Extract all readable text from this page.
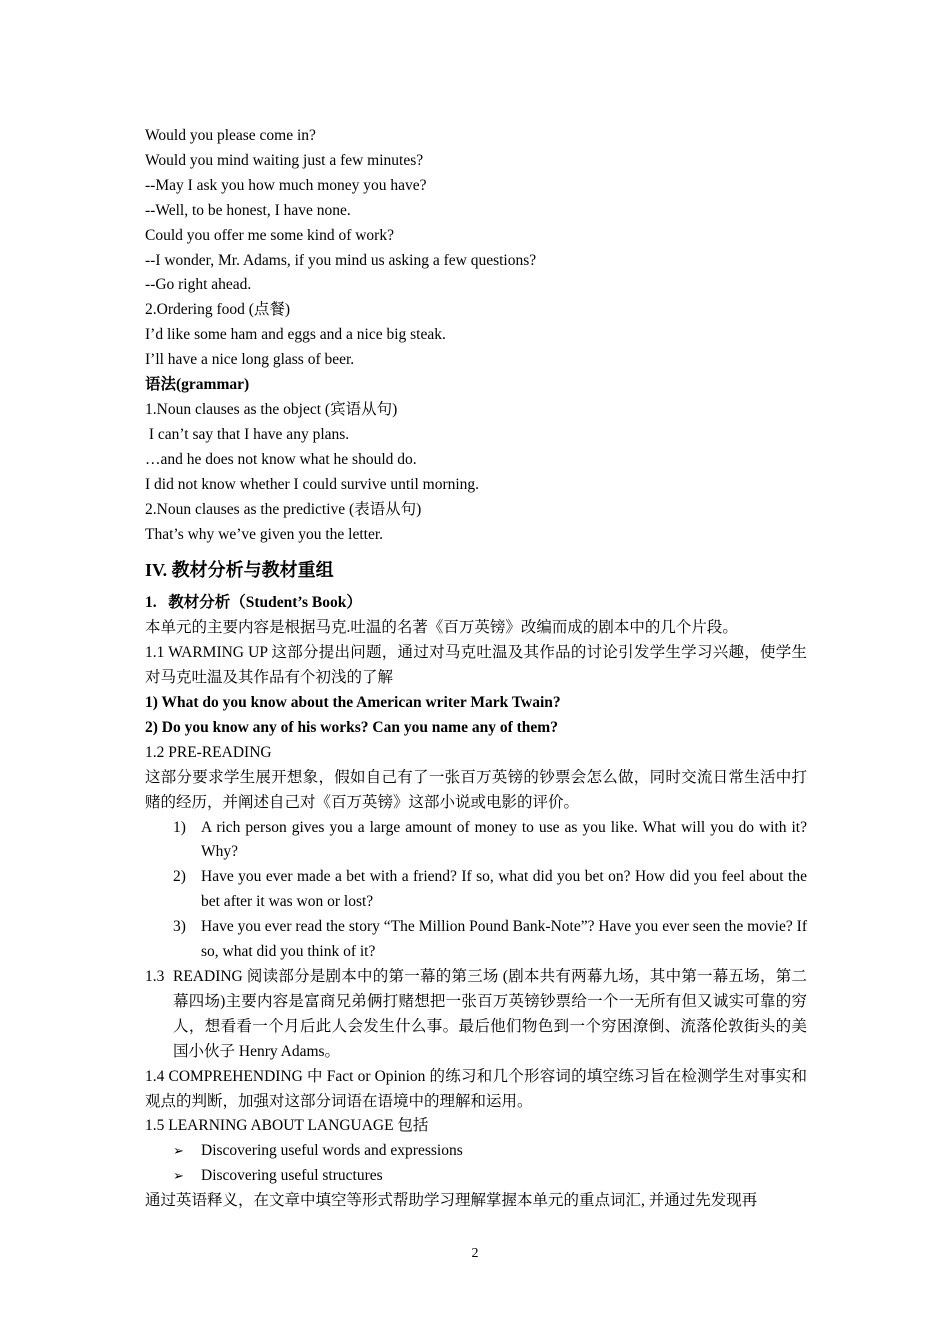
Would you please come in?
Would you mind waiting just a few minutes?
--May I ask you how much money you have?
--Well, to be honest, I have none.
Could you offer me some kind of work?
--I wonder, Mr. Adams, if you mind us asking a few questions?
--Go right ahead.
2.Ordering food (点餐)
I’d like some ham and eggs and a nice big steak.
I’ll have a nice long glass of beer.
语法(grammar)
1.Noun clauses as the object (宾语从句)
I can’t say that I have any plans.
…and he does not know what he should do.
I did not know whether I could survive until morning.
2.Noun clauses as the predictive (表语从句)
That’s why we’ve given you the letter.
IV. 教材分析与教材重组
1.   教材分析（Student’s Book）
本单元的主要内容是根据马克.吐温的名著《百万英镑》改编而成的剧本中的几个片段。
1.1 WARMING UP 这部分提出问题，通过对马克吐温及其作品的讨论引发学生学习兴趣，使学生对马克吐温及其作品有个初浅的了解
1) What do you know about the American writer Mark Twain?
2) Do you know any of his works? Can you name any of them?
1.2 PRE-READING
这部分要求学生展开想象，假如自己有了一张百万英镑的钞票会怎么做，同时交流日常生活中打赌的经历，并阐述自己对《百万英镑》这部小说或电影的评价。
1) A rich person gives you a large amount of money to use as you like. What will you do with it? Why?
2) Have you ever made a bet with a friend? If so, what did you bet on? How did you feel about the bet after it was won or lost?
3) Have you ever read the story “The Million Pound Bank-Note”? Have you ever seen the movie? If so, what did you think of it?
1.3 READING 阅读部分是剧本中的第一幕的第三场 (剧本共有两幕九场，其中第一幕五场，第二幕四场)主要内容是富商兄弟俩打赌想把一张百万英镑钞票给一个一无所有但又诚实可靠的穷人，想看看一个月后此人会发生什么事。最后他们物色到一个穷困潦倒、流落伦敦街头的美国小伙子 Henry Adams。
1.4 COMPREHENDING 中 Fact or Opinion 的练习和几个形容词的填空练习旨在检测学生对事实和观点的判断，加强对这部分词语在语境中的理解和运用。
1.5 LEARNING ABOUT LANGUAGE 包括
➢	Discovering useful words and expressions
➢	Discovering useful structures
通过英语释义，在文章中填空等形式帮助学习理解掌握本单元的重点词汇, 并通过先发现再
2
